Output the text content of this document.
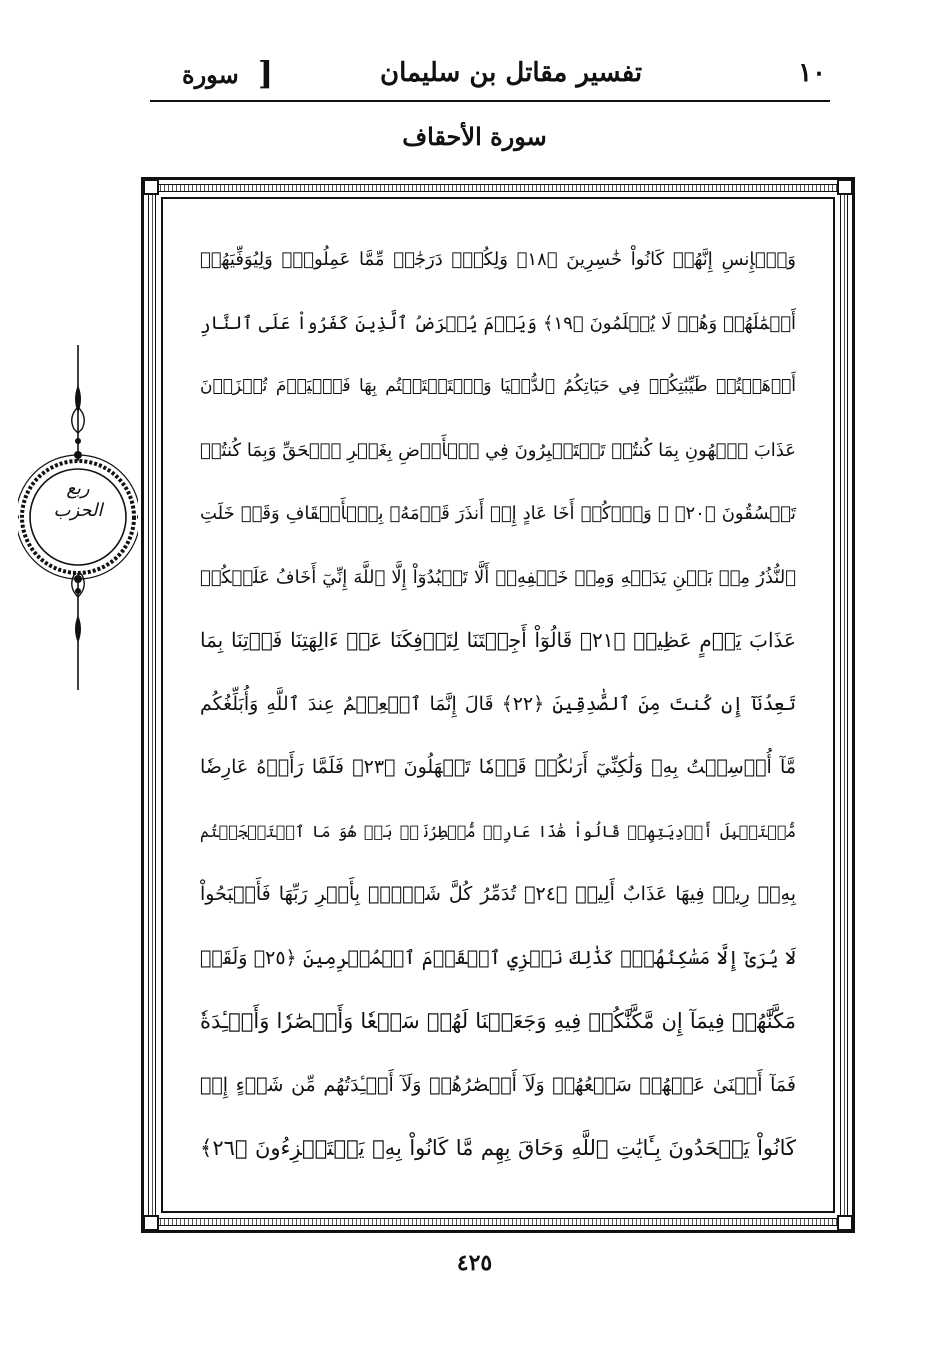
١٠
تفسير مقاتل بن سليمان
]
سورة
سورة الأحقاف
ربع
الحزب
وَٱلۡإِنسِ إِنَّهُمۡ كَانُواْ خَٰسِرِينَ ﴿١٨﴾ وَلِكُلّٖ دَرَجَٰتٞ مِّمَّا عَمِلُواْۖ وَلِيُوَفِّيَهُمۡ
أَعۡمَٰلَهُمۡ وَهُمۡ لَا يُظۡلَمُونَ ﴿١٩﴾ وَيَوۡمَ يُعۡرَضُ ٱلَّذِينَ كَفَرُواْ عَلَى ٱلنَّارِ
أَذۡهَبۡتُمۡ طَيِّبَٰتِكُمۡ فِي حَيَاتِكُمُ ٱلدُّنۡيَا وَٱسۡتَمۡتَعۡتُم بِهَا فَٱلۡيَوۡمَ تُجۡزَوۡنَ
عَذَابَ ٱلۡهُونِ بِمَا كُنتُمۡ تَسۡتَكۡبِرُونَ فِي ٱلۡأَرۡضِ بِغَيۡرِ ٱلۡحَقِّ وَبِمَا كُنتُمۡ
تَفۡسُقُونَ ﴿٢٠﴾ ۞ وَٱذۡكُرۡ أَخَا عَادٍ إِذۡ أَنذَرَ قَوۡمَهُۥ بِٱلۡأَحۡقَافِ وَقَدۡ خَلَتِ
ٱلنُّذُرُ مِنۢ بَيۡنِ يَدَيۡهِ وَمِنۡ خَلۡفِهِۦٓ أَلَّا تَعۡبُدُوٓاْ إِلَّا ٱللَّهَ إِنِّيٓ أَخَافُ عَلَيۡكُمۡ
عَذَابَ يَوۡمٍ عَظِيمٖ ﴿٢١﴾ قَالُوٓاْ أَجِئۡتَنَا لِتَأۡفِكَنَا عَنۡ ءَالِهَتِنَا فَأۡتِنَا بِمَا
تَعِدُنَآ إِن كُنتَ مِنَ ٱلصَّٰدِقِينَ ﴿٢٢﴾ قَالَ إِنَّمَا ٱلۡعِلۡمُ عِندَ ٱللَّهِ وَأُبَلِّغُكُم
مَّآ أُرۡسِلۡتُ بِهِۦ وَلَٰكِنِّيٓ أَرَىٰكُمۡ قَوۡمٗا تَجۡهَلُونَ ﴿٢٣﴾ فَلَمَّا رَأَوۡهُ عَارِضٗا
مُّسۡتَقۡبِلَ أَوۡدِيَتِهِمۡ قَالُواْ هَٰذَا عَارِضٞ مُّمۡطِرُنَاۚ بَلۡ هُوَ مَا ٱسۡتَعۡجَلۡتُم
بِهِۦۖ رِيحٞ فِيهَا عَذَابٌ أَلِيمٞ ﴿٢٤﴾ تُدَمِّرُ كُلَّ شَيۡءِۭ بِأَمۡرِ رَبِّهَا فَأَصۡبَحُواْ
لَا يُرَىٰٓ إِلَّا مَسَٰكِنُهُمۡۚ كَذَٰلِكَ نَجۡزِي ٱلۡقَوۡمَ ٱلۡمُجۡرِمِينَ ﴿٢٥﴾ وَلَقَدۡ
مَكَّنَّٰهُمۡ فِيمَآ إِن مَّكَّنَّٰكُمۡ فِيهِ وَجَعَلۡنَا لَهُمۡ سَمۡعٗا وَأَبۡصَٰرٗا وَأَفۡـِٔدَةٗ
فَمَآ أَغۡنَىٰ عَنۡهُمۡ سَمۡعُهُمۡ وَلَآ أَبۡصَٰرُهُمۡ وَلَآ أَفۡـِٔدَتُهُم مِّن شَيۡءٍ إِذۡ
كَانُواْ يَجۡحَدُونَ بِـَٔايَٰتِ ٱللَّهِ وَحَاقَ بِهِم مَّا كَانُواْ بِهِۦ يَسۡتَهۡزِءُونَ ﴿٢٦﴾
٤٢٥
